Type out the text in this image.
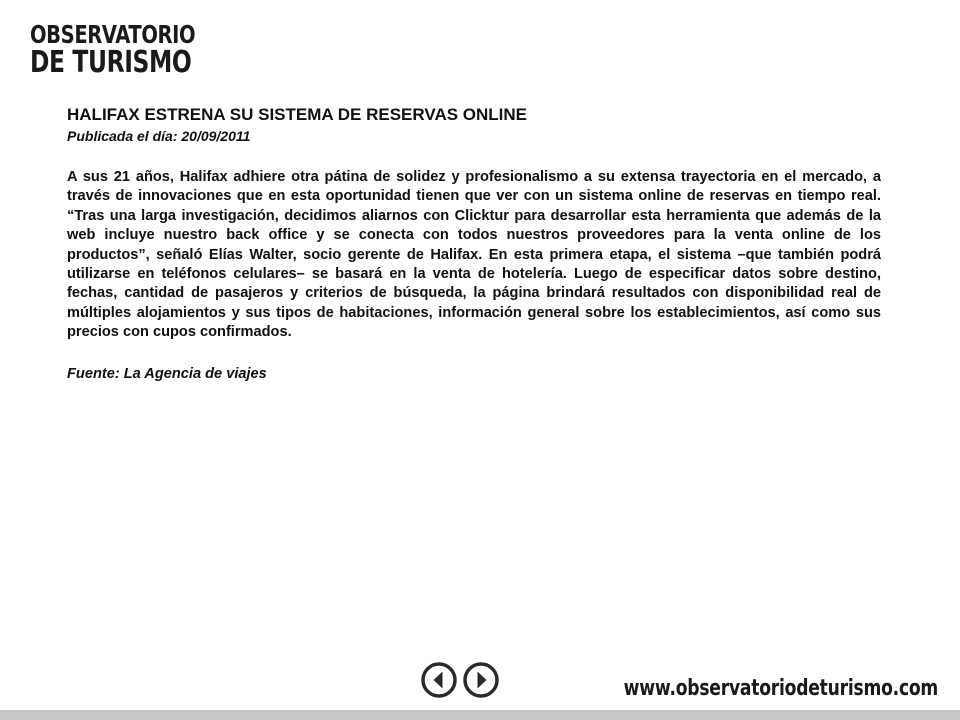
OBSERVATORIO
DE TURISMO
HALIFAX ESTRENA SU SISTEMA DE RESERVAS ONLINE

Publicada el día: 20/09/2011

A sus 21 años, Halifax adhiere otra pátina de solidez y profesionalismo a su extensa trayectoria en el mercado, a través de innovaciones que en esta oportunidad tienen que ver con un sistema online de reservas en tiempo real. “Tras una larga investigación, decidimos aliarnos con Clicktur para desarrollar esta herramienta que además de la web incluye nuestro back office y se conecta con todos nuestros proveedores para la venta online de los productos”, señaló Elías Walter, socio gerente de Halifax. En esta primera etapa, el sistema –que también podrá utilizarse en teléfonos celulares– se basará en la venta de hotelería. Luego de especificar datos sobre destino, fechas, cantidad de pasajeros y criterios de búsqueda, la página brindará resultados con disponibilidad real de múltiples alojamientos y sus tipos de habitaciones, información general sobre los establecimientos, así como sus precios con cupos confirmados.

Fuente: La Agencia de viajes

www.observatoriodeturismo.com
